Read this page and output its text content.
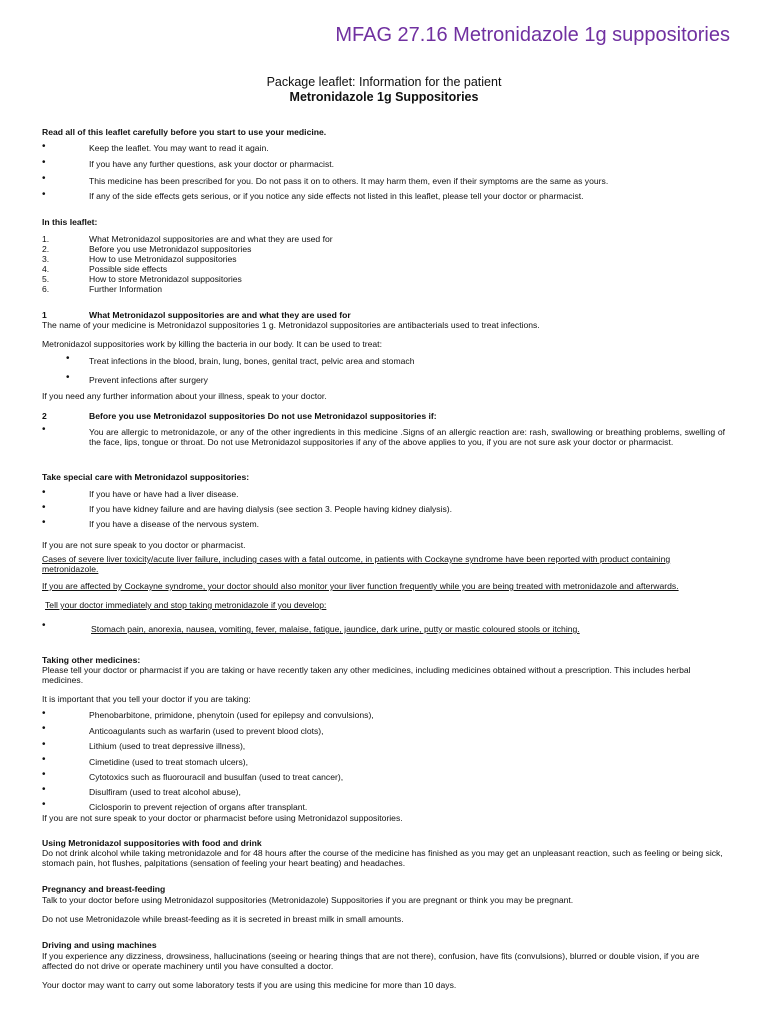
MFAG 27.16 Metronidazole 1g suppositories
Package leaflet: Information for the patient
Metronidazole 1g Suppositories
Read all of this leaflet carefully before you start to use your medicine.
•	Keep the leaflet. You may want to read it again.
•	If you have any further questions, ask your doctor or pharmacist.
•	This medicine has been prescribed for you. Do not pass it on to others. It may harm them, even if their symptoms are the same as yours.
•	If any of the side effects gets serious, or if you notice any side effects not listed in this leaflet, please tell your doctor or pharmacist.
In this leaflet:
1.	What Metronidazol suppositories are and what they are used for
2.	Before you use Metronidazol suppositories
3.	How to use Metronidazol suppositories
4.	Possible side effects
5.	How to store Metronidazol suppositories
6.	Further Information
1	What Metronidazol suppositories are and what they are used for
The name of your medicine is Metronidazol suppositories 1 g. Metronidazol suppositories are antibacterials used to treat infections.
Metronidazol suppositories work by killing the bacteria in our body. It can be used to treat:
• Treat infections in the blood, brain, lung, bones, genital tract, pelvic area and stomach
• Prevent infections after surgery
If you need any further information about your illness, speak to your doctor.
2	Before you use Metronidazol suppositories Do not use Metronidazol suppositories if:
•	You are allergic to metronidazole, or any of the other ingredients in this medicine .Signs of an allergic reaction are: rash, swallowing or breathing problems, swelling of the face, lips, tongue or throat. Do not use Metronidazol suppositories if any of the above applies to you, if you are not sure ask your doctor or pharmacist.
Take special care with Metronidazol suppositories:
•	If you have or have had a liver disease.
•	If you have kidney failure and are having dialysis (see section 3. People having kidney dialysis).
•	If you have a disease of the nervous system.
If you are not sure speak to you doctor or pharmacist.
Cases of severe liver toxicity/acute liver failure, including cases with a fatal outcome, in patients with Cockayne syndrome have been reported with product containing metronidazole.
If you are affected by Cockayne syndrome, your doctor should also monitor your liver function frequently while you are being treated with metronidazole and afterwards.
Tell your doctor immediately and stop taking metronidazole if you develop:
•	Stomach pain, anorexia, nausea, vomiting, fever, malaise, fatigue, jaundice, dark urine, putty or mastic coloured stools or itching.
Taking other medicines:
Please tell your doctor or pharmacist if you are taking or have recently taken any other medicines, including medicines obtained without a prescription. This includes herbal medicines.
It is important that you tell your doctor if you are taking:
•	Phenobarbitone, primidone, phenytoin (used for epilepsy and convulsions),
•	Anticoagulants such as warfarin (used to prevent blood clots),
•	Lithium (used to treat depressive illness),
•	Cimetidine (used to treat stomach ulcers),
•	Cytotoxics such as fluorouracil and busulfan (used to treat cancer),
•	Disulfiram (used to treat alcohol abuse),
•	Ciclosporin to prevent rejection of organs after transplant.
If you are not sure speak to your doctor or pharmacist before using Metronidazol suppositories.
Using Metronidazol suppositories with food and drink
Do not drink alcohol while taking metronidazole and for 48 hours after the course of the medicine has finished as you may get an unpleasant reaction, such as feeling or being sick, stomach pain, hot flushes, palpitations (sensation of feeling your heart beating) and headaches.
Pregnancy and breast-feeding
Talk to your doctor before using Metronidazol suppositories (Metronidazole) Suppositories if you are pregnant or think you may be pregnant.
Do not use Metronidazole while breast-feeding as it is secreted in breast milk in small amounts.
Driving and using machines
If you experience any dizziness, drowsiness, hallucinations (seeing or hearing things that are not there), confusion, have fits (convulsions), blurred or double vision, if you are affected do not drive or operate machinery until you have consulted a doctor.
Your doctor may want to carry out some laboratory tests if you are using this medicine for more than 10 days.
